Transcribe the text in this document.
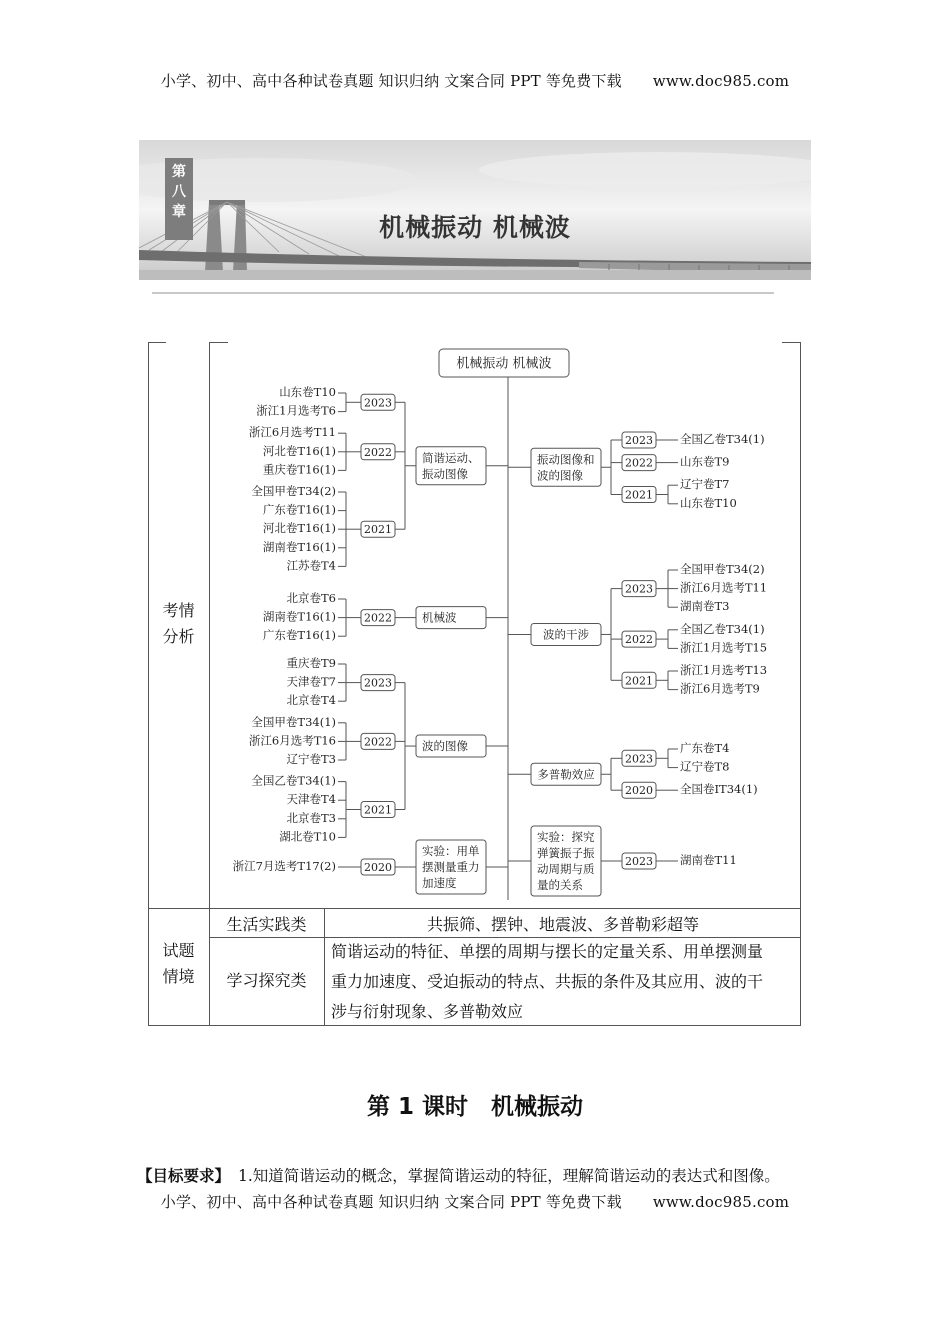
小学、初中、高中各种试卷真题 知识归纳 文案合同 PPT 等免费下载 www.doc985.com
第八章
机械振动 机械波
机械振动 机械波
山东卷T10
浙江1月选考T6
2023
浙江6月选考T11
河北卷T16(1)
重庆卷T16(1)
2022
全国甲卷T34(2)
广东卷T16(1)
河北卷T16(1)
湖南卷T16(1)
江苏卷T4
2021
简谐运动、
振动图像
北京卷T6
湖南卷T16(1)
广东卷T16(1)
2022	机械波
重庆卷T9
天津卷T7
北京卷T4
2023
全国甲卷T34(1)
浙江6月选考T16
辽宁卷T3
2022
全国乙卷T34(1)
天津卷T4
北京卷T3
湖北卷T10
2021
波的图像
浙江7月选考T17(2)	2020
实验：用单
摆测量重力
加速度
全国乙卷T34(1)
2023
山东卷T9
2022
辽宁卷T7
山东卷T10
2021
振动图像和
波的图像
全国甲卷T34(2)
浙江6月选考T11
湖南卷T3
2023
全国乙卷T34(1)
浙江1月选考T15
2022
浙江1月选考T13
浙江6月选考T9
2021
波的干涉
广东卷T4
辽宁卷T8
2023
全国卷ⅠT34(1)
2020
多普勒效应
湖南卷T11
2023
实验：探究
弹簧振子振
动周期与质
量的关系
考情
分析
试题
情境
生活实践类	共振筛、摆钟、地震波、多普勒彩超等
学习探究类
简谐运动的特征、单摆的周期与摆长的定量关系、用单摆测量
重力加速度、受迫振动的特点、共振的条件及其应用、波的干
涉与衍射现象、多普勒效应
第 1 课时　机械振动
【目标要求】 1.知道简谐运动的概念，掌握简谐运动的特征，理解简谐运动的表达式和图像。
小学、初中、高中各种试卷真题 知识归纳 文案合同 PPT 等免费下载 www.doc985.com
